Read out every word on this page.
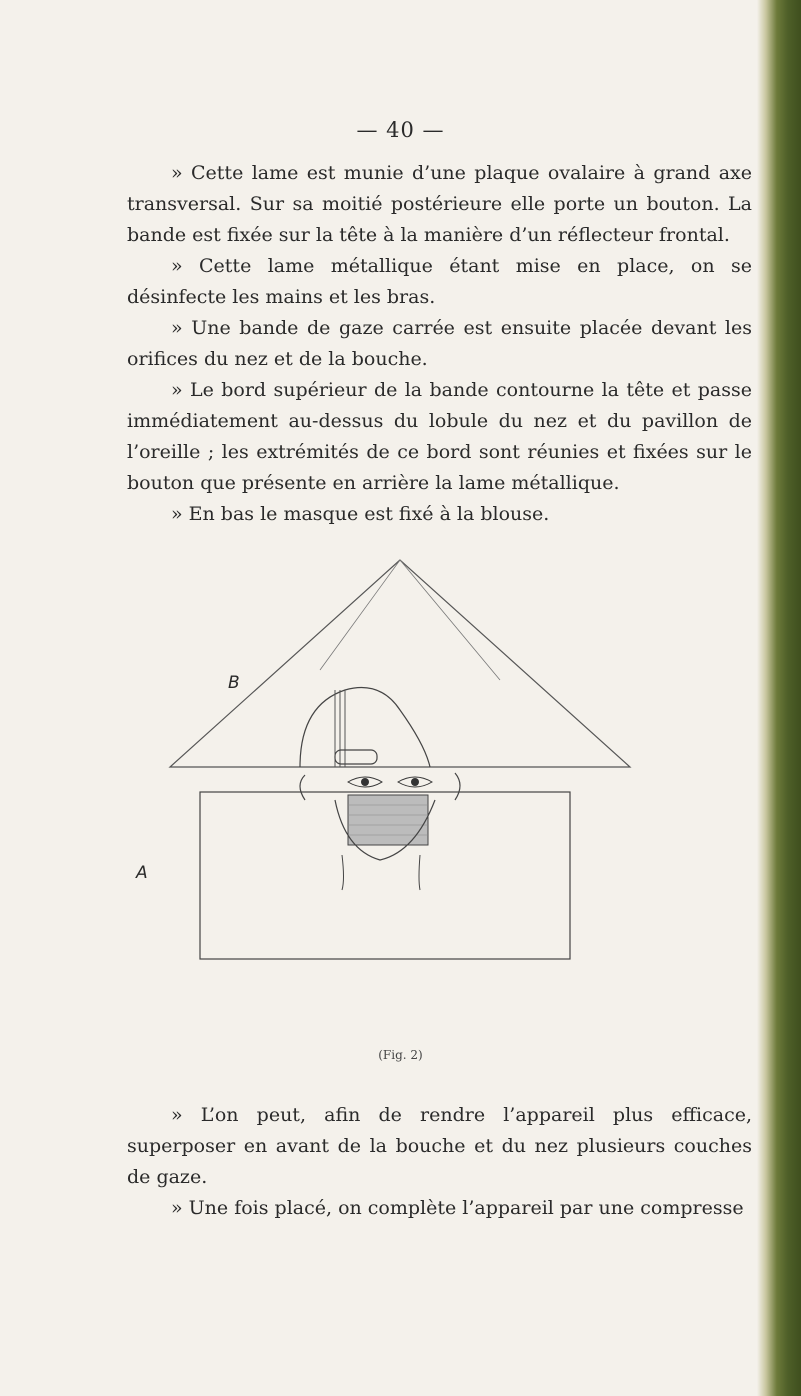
— 40 —

» Cette lame est munie d’une plaque ovalaire à grand axe transversal. Sur sa moitié postérieure elle porte un bouton. La bande est fixée sur la tête à la manière d’un réflecteur frontal.

» Cette lame métallique étant mise en place, on se désinfecte les mains et les bras.

» Une bande de gaze carrée est ensuite placée devant les orifices du nez et de la bouche.

» Le bord supérieur de la bande contourne la tête et passe immédiatement au-dessus du lobule du nez et du pavillon de l’oreille ; les extrémités de ce bord sont réunies et fixées sur le bouton que présente en arrière la lame métallique.

» En bas le masque est fixé à la blouse.

B
A
(Fig. 2)

» L’on peut, afin de rendre l’appareil plus efficace, superposer en avant de la bouche et du nez plusieurs couches de gaze.

» Une fois placé, on complète l’appareil par une compresse
